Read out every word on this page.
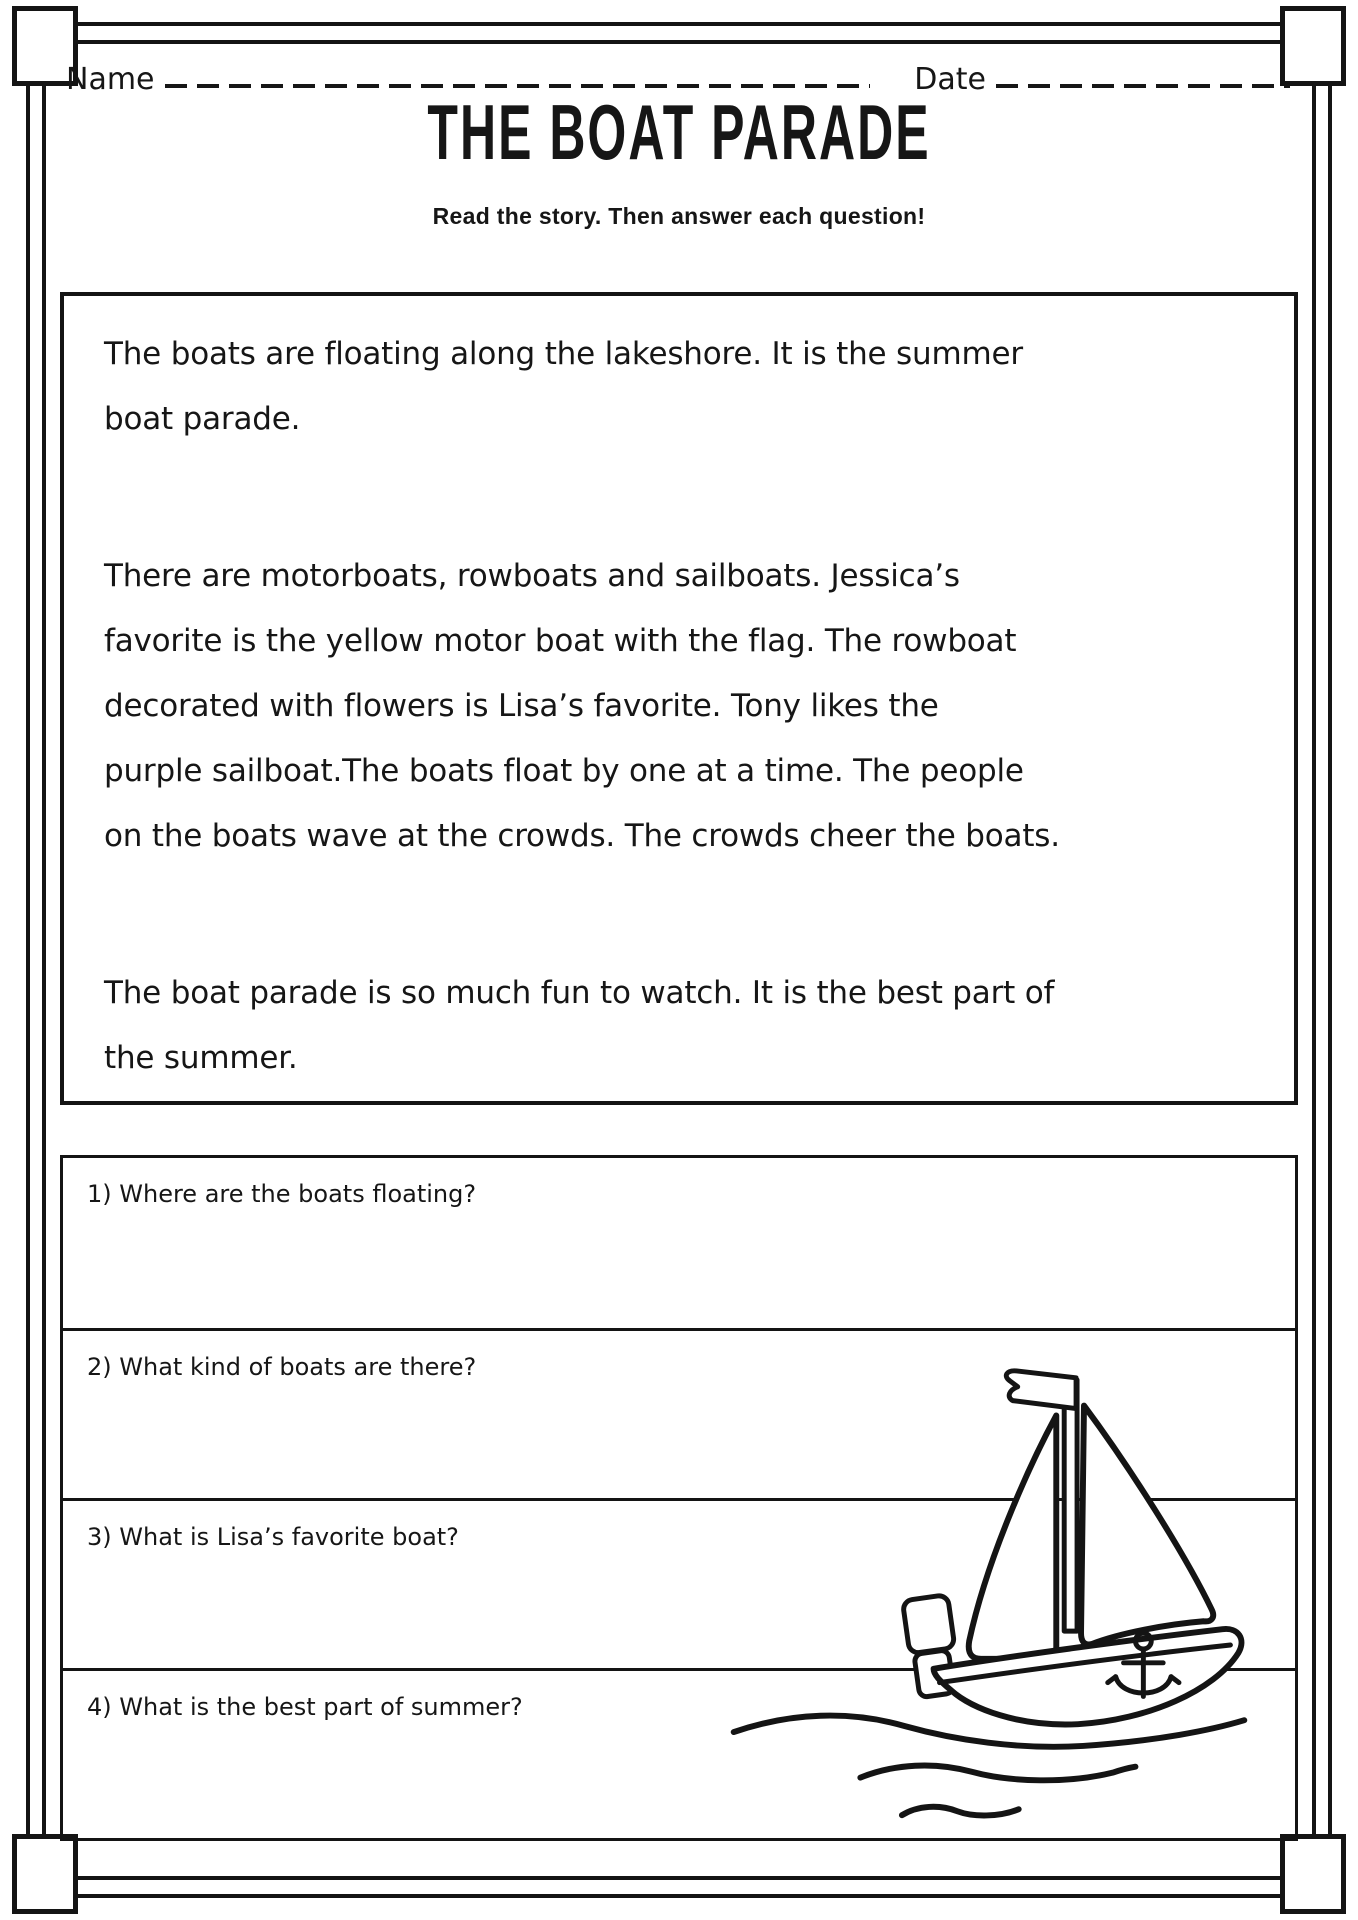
Name	Date
THE BOAT PARADE
Read the story. Then answer each question!

The boats are floating along the lakeshore. It is the summer
boat parade.

There are motorboats, rowboats and sailboats. Jessica’s
favorite is the yellow motor boat with the flag. The rowboat
decorated with flowers is Lisa’s favorite. Tony likes the
purple sailboat.The boats float by one at a time. The people
on the boats wave at the crowds. The crowds cheer the boats.

The boat parade is so much fun to watch. It is the best part of
the summer.

1) Where are the boats floating?
2) What kind of boats are there?
3) What is Lisa’s favorite boat?
4) What is the best part of summer?
